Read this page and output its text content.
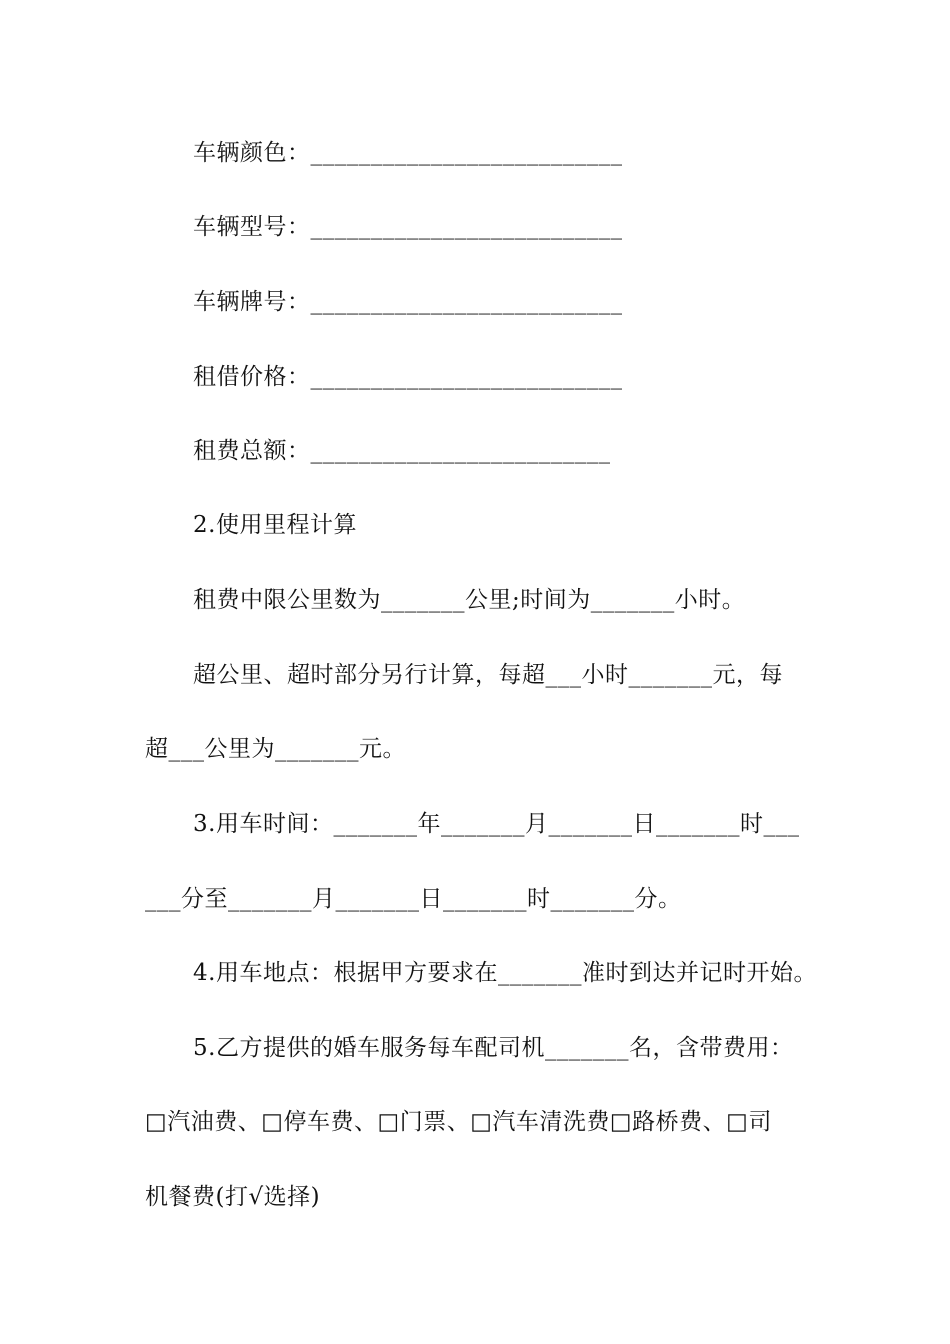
车辆颜色：__________________________
车辆型号：__________________________
车辆牌号：__________________________
租借价格：__________________________
租费总额：_________________________
2.使用里程计算
租费中限公里数为_______公里;时间为_______小时。
超公里、超时部分另行计算，每超___小时_______元，每
超___公里为_______元。
3.用车时间：_______年_______月_______日_______时___
___分至_______月_______日_______时_______分。
4.用车地点：根据甲方要求在_______准时到达并记时开始。
5.乙方提供的婚车服务每车配司机_______名，含带费用：
□汽油费、□停车费、□门票、□汽车清洗费□路桥费、□司
机餐费(打√选择)
